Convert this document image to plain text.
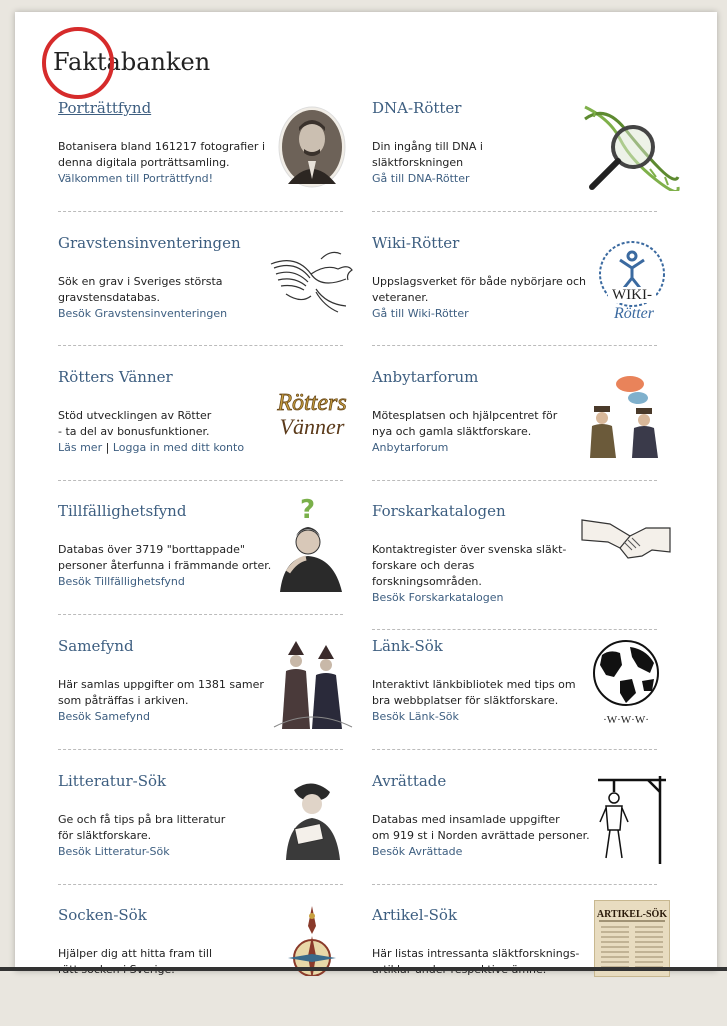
Faktabanken
Porträttfynd

Botanisera bland 161217 fotografier i

denna digitala porträttsamling.

Välkommen till Porträttfynd!
DNA-Rötter

Din ingång till DNA i

släktforskningen

Gå till DNA-Rötter
Gravstensinventeringen

Sök en grav i Sveriges största

gravstensdatabas.

Besök Gravstensinventeringen
Wiki-Rötter

Uppslagsverket för både nybörjare och

veteraner.

Gå till Wiki-Rötter
WIKI-
Rötter
Rötters Vänner

Stöd utvecklingen av Rötter

- ta del av bonusfunktioner.

Läs mer | Logga in med ditt konto
Rötters
Vänner
Anbytarforum

Mötesplatsen och hjälpcentret för

nya och gamla släktforskare.

Anbytarforum
Tillfällighetsfynd

Databas över 3719 "borttappade"

personer återfunna i främmande orter.

Besök Tillfällighetsfynd
?	Forskarkatalogen

Kontaktregister över svenska släkt-

forskare och deras

forskningsområden.

Besök Forskarkatalogen
Samefynd

Här samlas uppgifter om 1381 samer

som påträffas i arkiven.

Besök Samefynd
Länk-Sök

Interaktivt länkbibliotek med tips om

bra webbplatser för släktforskare.

Besök Länk-Sök	·W·W·W·
Litteratur-Sök

Ge och få tips på bra litteratur

för släktforskare.

Besök Litteratur-Sök
Avrättade

Databas med insamlade uppgifter

om 919 st i Norden avrättade personer.

Besök Avrättade
Socken-Sök

Hjälper dig att hitta fram till

Artikel-Sök

Här listas intressanta släktforsknings-

ARTIKEL-SÖK
